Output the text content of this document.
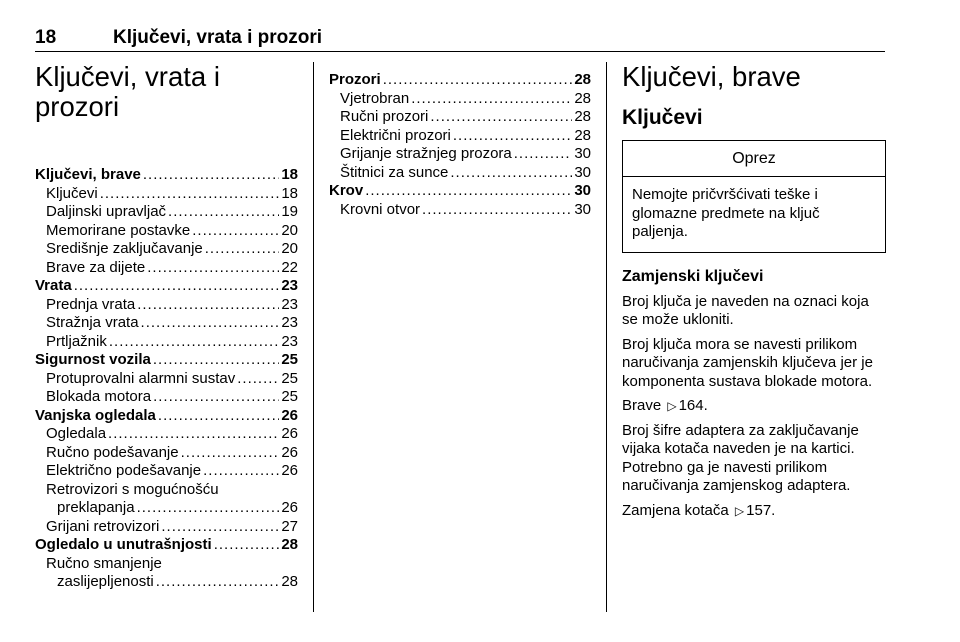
18	Ključevi, vrata i prozori
Ključevi, vrata i
prozori
Ključevi, brave .....	18
Ključevi .....	18
Daljinski upravljač .....	19
Memorirane postavke .....	20
Središnje zaključavanje .....	20
Brave za dijete .....	22
Vrata .....	23
Prednja vrata .....	23
Stražnja vrata .....	23
Prtljažnik .....	23
Sigurnost vozila .....	25
Protuprovalni alarmni sustav .....	25
Blokada motora .....	25
Vanjska ogledala .....	26
Ogledala .....	26
Ručno podešavanje .....	26
Električno podešavanje .....	26
Retrovizori s mogućnošću
preklapanja .....	26
Grijani retrovizori .....	27
Ogledalo u unutrašnjosti .....	28
Ručno smanjenje
zaslijepljenosti .....	28
Prozori .....	28
Vjetrobran .....	28
Ručni prozori .....	28
Električni prozori .....	28
Grijanje stražnjeg prozora .....	30
Štitnici za sunce .....	30
Krov .....	30
Krovni otvor .....	30
Ključevi, brave
Ključevi
Oprez
Nemojte pričvršćivati teške i glomazne predmete na ključ paljenja.
Zamjenski ključevi

Broj ključa je naveden na oznaci koja se može ukloniti.

Broj ključa mora se navesti prilikom naručivanja zamjenskih ključeva jer je komponenta sustava blokade motora.

Brave ▷ 164.

Broj šifre adaptera za zaključavanje vijaka kotača naveden je na kartici. Potrebno ga je navesti prilikom naručivanja zamjenskog adaptera.

Zamjena kotača ▷ 157.
